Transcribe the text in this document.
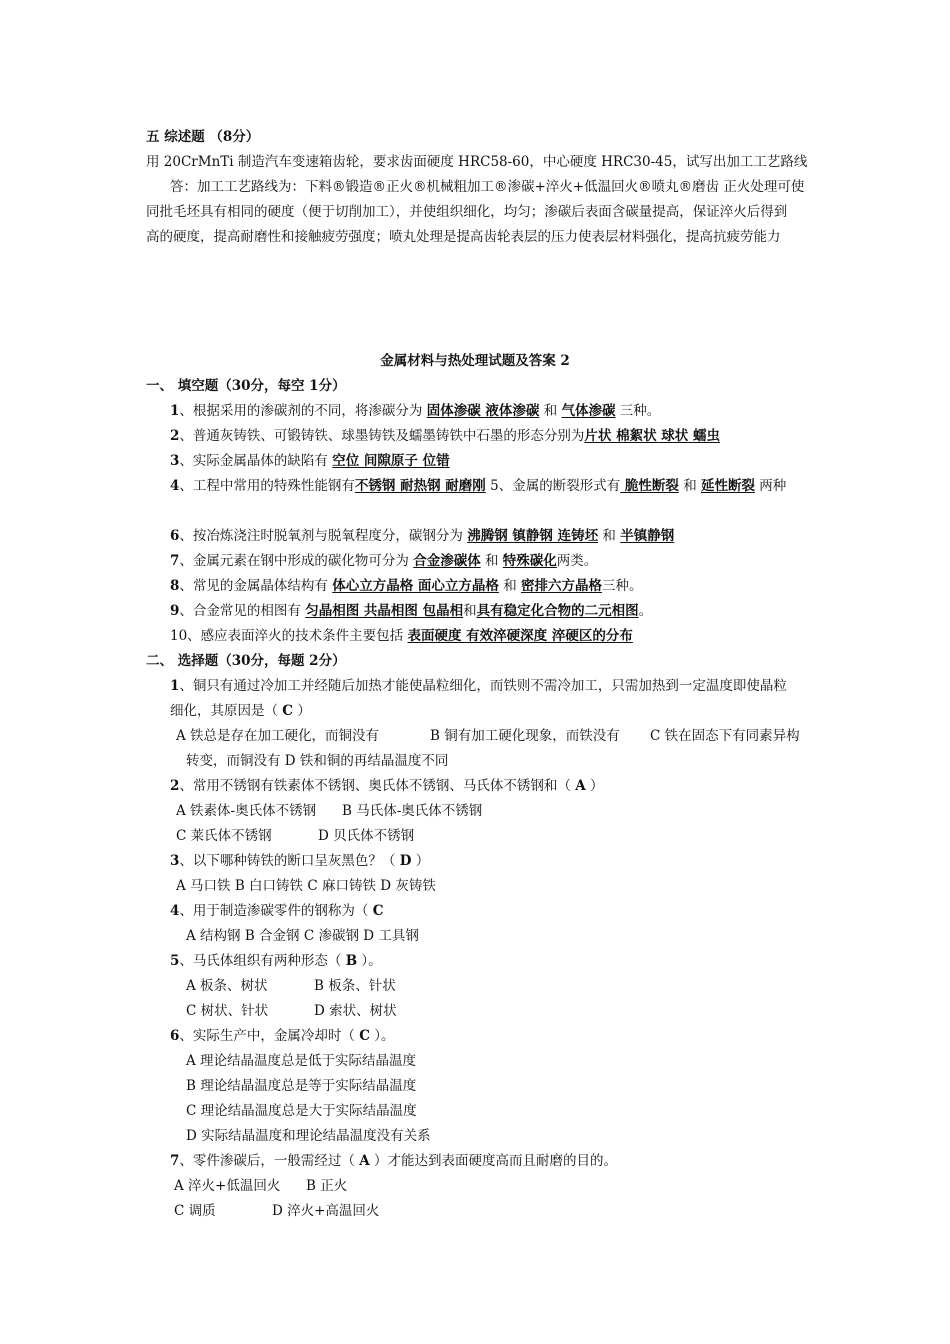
五 综述题 （8分）
用 20CrMnTi 制造汽车变速箱齿轮，要求齿面硬度 HRC58-60，中心硬度 HRC30-45，试写出加工工艺路线
答：加工工艺路线为：下料®锻造®正火®机械粗加工®渗碳+淬火+低温回火®喷丸®磨齿 正火处理可使
同批毛坯具有相同的硬度（便于切削加工），并使组织细化，均匀；渗碳后表面含碳量提高，保证淬火后得到
高的硬度，提高耐磨性和接触疲劳强度；喷丸处理是提高齿轮表层的压力使表层材料强化，提高抗疲劳能力
金属材料与热处理试题及答案 2
一、 填空题（30分，每空 1分）
1、根据采用的渗碳剂的不同，将渗碳分为 固体渗碳 液体渗碳 和 气体渗碳 三种。
2、普通灰铸铁、可锻铸铁、球墨铸铁及蠕墨铸铁中石墨的形态分别为片状 棉絮状 球状 蠕虫
3、实际金属晶体的缺陷有 空位 间隙原子 位错
4、工程中常用的特殊性能钢有不锈钢 耐热钢 耐磨刚 5、金属的断裂形式有 脆性断裂 和 延性断裂 两种
6、按冶炼浇注时脱氧剂与脱氧程度分，碳钢分为 沸腾钢 镇静钢 连铸坯 和 半镇静钢
7、金属元素在钢中形成的碳化物可分为 合金渗碳体 和 特殊碳化两类。
8、常见的金属晶体结构有 体心立方晶格 面心立方晶格 和 密排六方晶格三种。
9、合金常见的相图有 匀晶相图 共晶相图 包晶相和具有稳定化合物的二元相图。
10、感应表面淬火的技术条件主要包括 表面硬度 有效淬硬深度 淬硬区的分布
二、 选择题（30分，每题 2分）
1、铜只有通过冷加工并经随后加热才能使晶粒细化，而铁则不需冷加工，只需加热到一定温度即使晶粒
细化，其原因是（ C ）
A 铁总是存在加工硬化，而铜没有	B 铜有加工硬化现象，而铁没有 C 铁在固态下有同素异构
转变，而铜没有 D 铁和铜的再结晶温度不同
2、常用不锈钢有铁素体不锈钢、奥氏体不锈钢、马氏体不锈钢和（ A ）
A 铁素体-奥氏体不锈钢 B 马氏体-奥氏体不锈钢
C 莱氏体不锈钢	D 贝氏体不锈钢
3、以下哪种铸铁的断口呈灰黑色？（ D ）
A 马口铁 B 白口铸铁 C 麻口铸铁 D 灰铸铁
4、用于制造渗碳零件的钢称为（ C
A 结构钢 B 合金钢 C 渗碳钢 D 工具钢
5、马氏体组织有两种形态（ B ）。
A 板条、树状	B 板条、针状
C 树状、针状	D 索状、树状
6、实际生产中，金属冷却时（ C ）。
A 理论结晶温度总是低于实际结晶温度
B 理论结晶温度总是等于实际结晶温度
C 理论结晶温度总是大于实际结晶温度
D 实际结晶温度和理论结晶温度没有关系
7、零件渗碳后，一般需经过（ A ）才能达到表面硬度高而且耐磨的目的。
A 淬火+低温回火 B 正火
C 调质	D 淬火+高温回火
